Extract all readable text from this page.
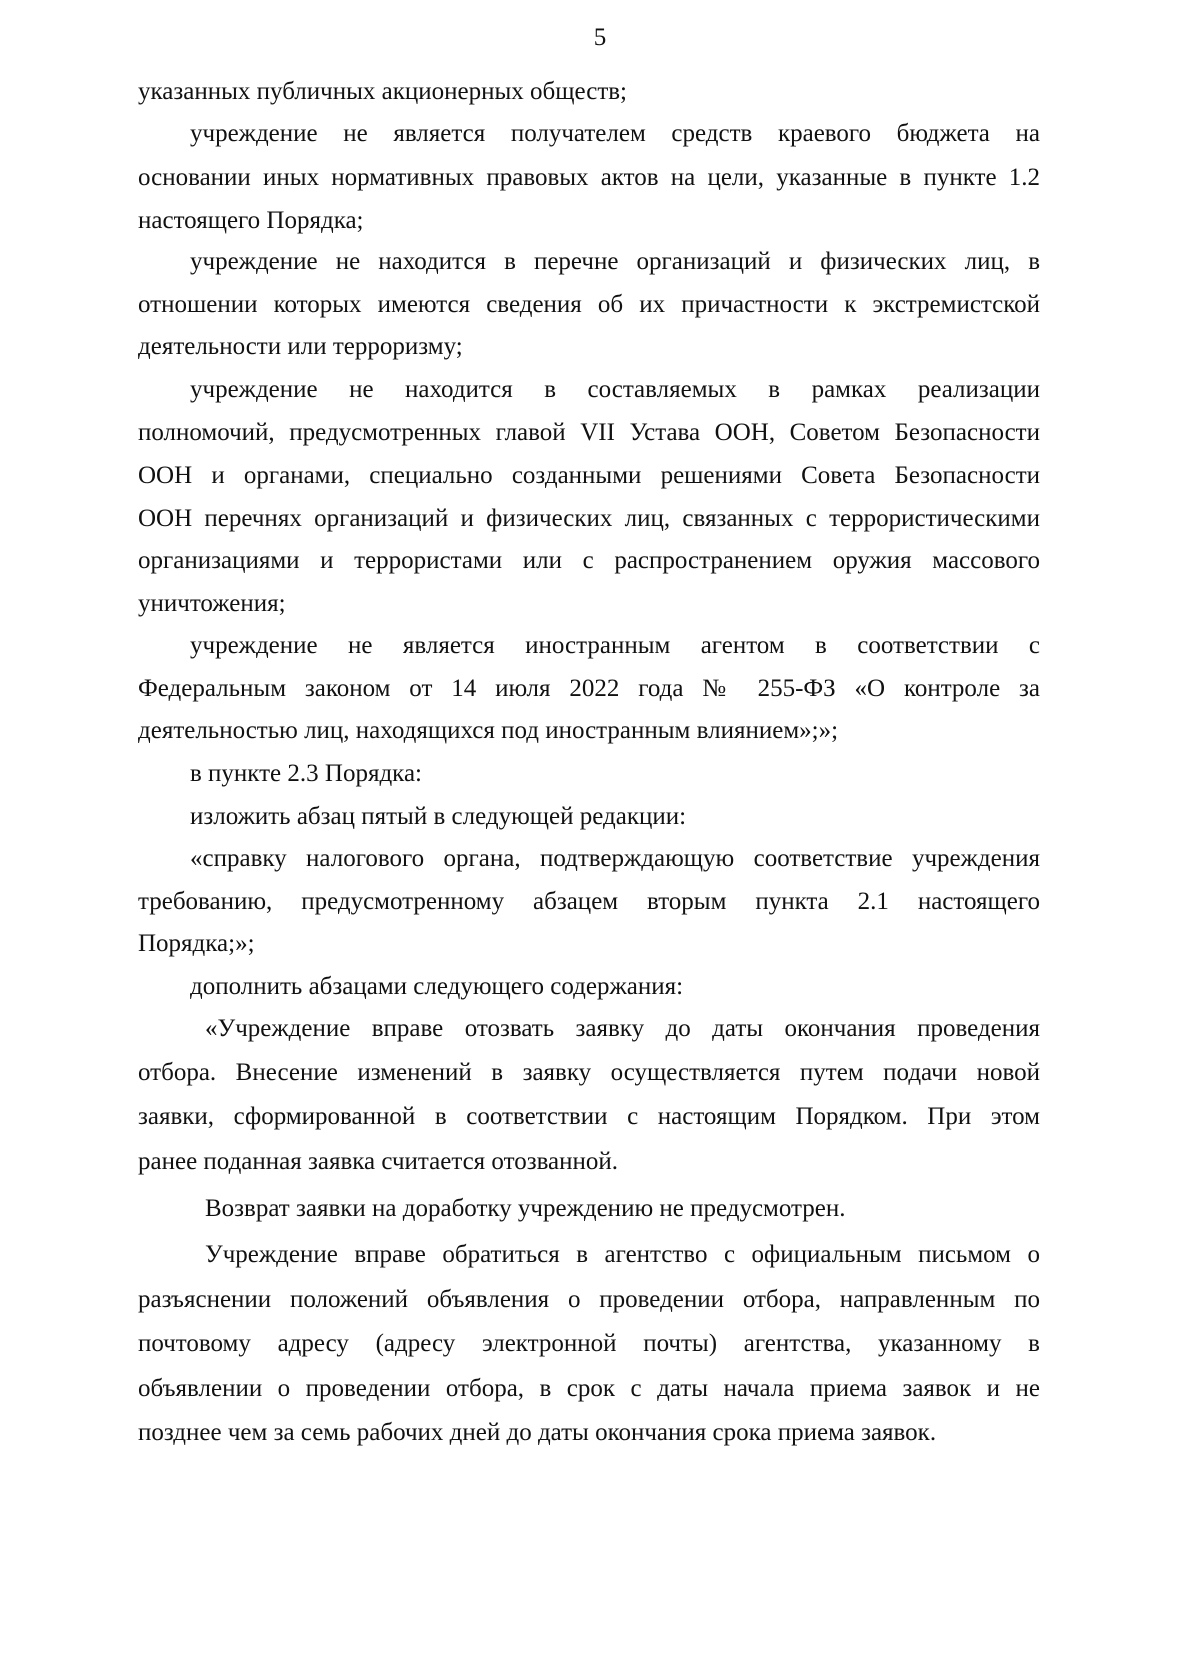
5
указанных публичных акционерных обществ;
учреждение не является получателем средств краевого бюджета на
основании иных нормативных правовых актов на цели, указанные в пункте 1.2
настоящего Порядка;
учреждение не находится в перечне организаций и физических лиц, в
отношении которых имеются сведения об их причастности к экстремистской
деятельности или терроризму;
учреждение не находится в составляемых в рамках реализации
полномочий, предусмотренных главой VII Устава ООН, Советом Безопасности
ООН и органами, специально созданными решениями Совета Безопасности
ООН перечнях организаций и физических лиц, связанных с террористическими
организациями и террористами или с распространением оружия массового
уничтожения;
учреждение не является иностранным агентом в соответствии с
Федеральным законом от 14 июля 2022 года № 255-ФЗ «О контроле за
деятельностью лиц, находящихся под иностранным влиянием»;»;
в пункте 2.3 Порядка:
изложить абзац пятый в следующей редакции:
«справку налогового органа, подтверждающую соответствие учреждения
требованию, предусмотренному абзацем вторым пункта 2.1 настоящего
Порядка;»;
дополнить абзацами следующего содержания:
«Учреждение вправе отозвать заявку до даты окончания проведения
отбора. Внесение изменений в заявку осуществляется путем подачи новой
заявки, сформированной в соответствии с настоящим Порядком. При этом
ранее поданная заявка считается отозванной.
Возврат заявки на доработку учреждению не предусмотрен.
Учреждение вправе обратиться в агентство с официальным письмом о
разъяснении положений объявления о проведении отбора, направленным по
почтовому адресу (адресу электронной почты) агентства, указанному в
объявлении о проведении отбора, в срок с даты начала приема заявок и не
позднее чем за семь рабочих дней до даты окончания срока приема заявок.
